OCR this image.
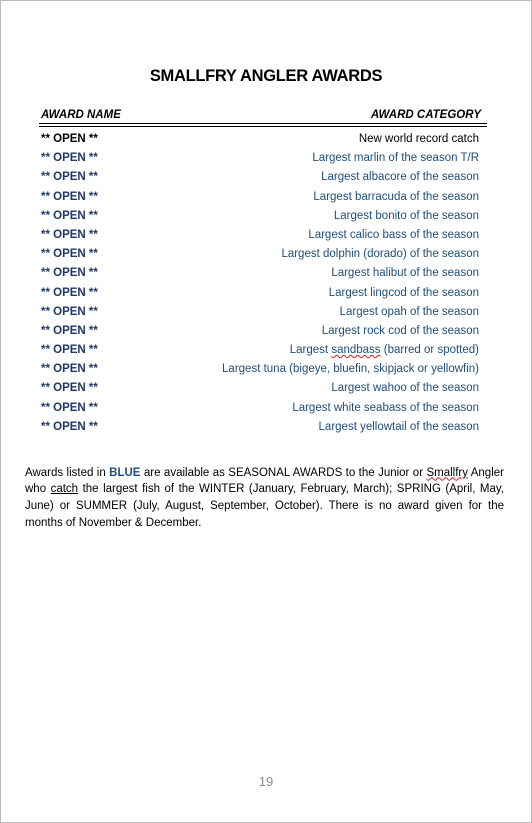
SMALLFRY ANGLER AWARDS
AWARD NAME	AWARD CATEGORY
** OPEN **	New world record catch
** OPEN **	Largest marlin of the season T/R
** OPEN **	Largest albacore of the season
** OPEN **	Largest barracuda of the season
** OPEN **	Largest bonito of the season
** OPEN **	Largest calico bass of the season
** OPEN **	Largest dolphin (dorado) of the season
** OPEN **	Largest halibut of the season
** OPEN **	Largest lingcod of the season
** OPEN **	Largest opah of the season
** OPEN **	Largest rock cod of the season
** OPEN **	Largest sandbass (barred or spotted)
** OPEN **	Largest tuna (bigeye, bluefin, skipjack or yellowfin)
** OPEN **	Largest wahoo of the season
** OPEN **	Largest white seabass of the season
** OPEN **	Largest yellowtail of the season

Awards listed in BLUE are available as SEASONAL AWARDS to the Junior or Smallfry Angler who catch the largest fish of the WINTER (January, February, March); SPRING (April, May, June) or SUMMER (July, August, September, October). There is no award given for the months of November & December.

19
